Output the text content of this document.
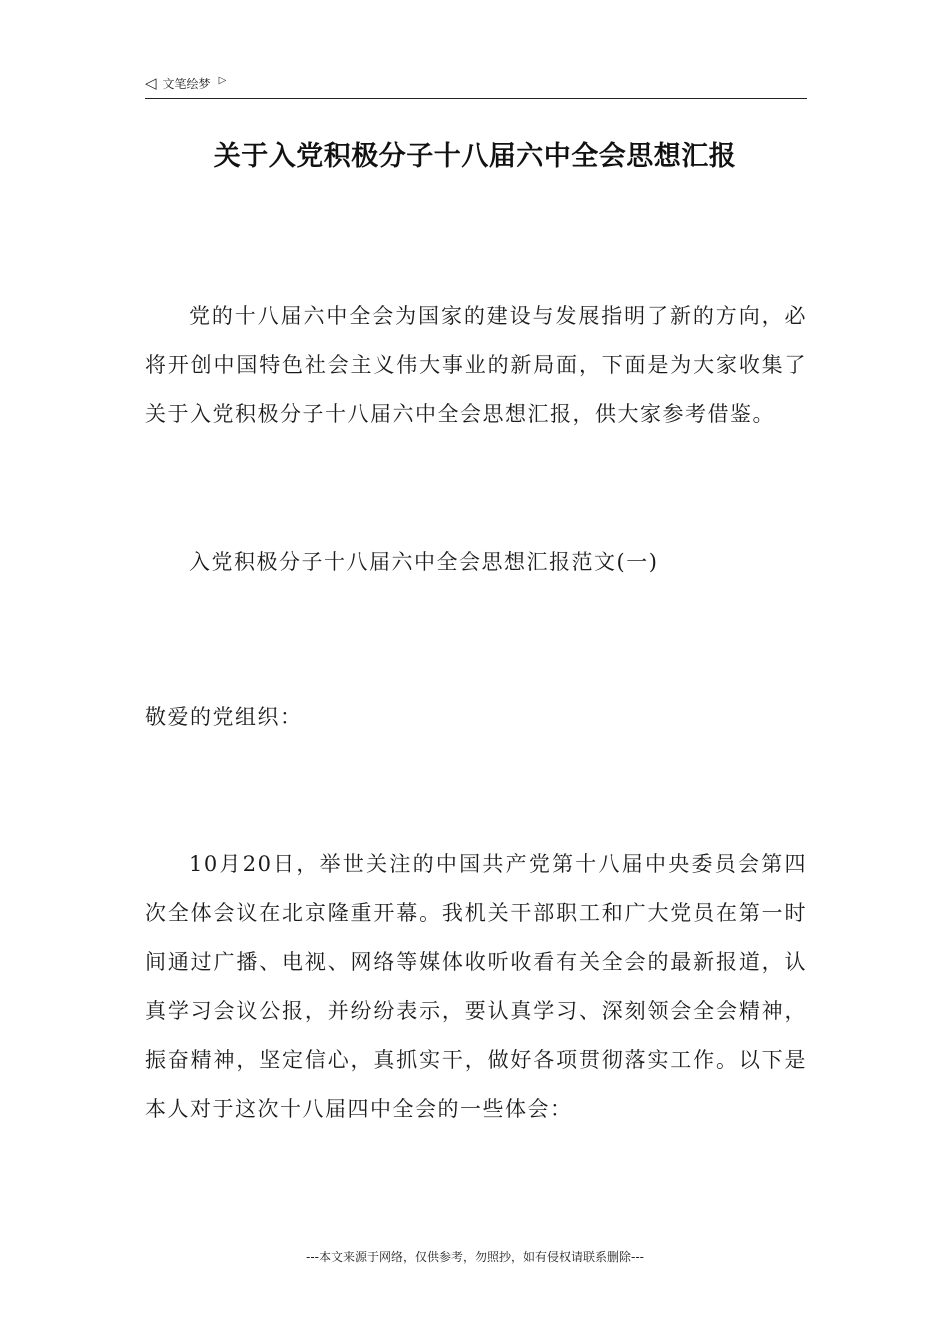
◁ 文笔绘梦 ▷
关于入党积极分子十八届六中全会思想汇报
党的十八届六中全会为国家的建设与发展指明了新的方向，必将开创中国特色社会主义伟大事业的新局面，下面是为大家收集了关于入党积极分子十八届六中全会思想汇报，供大家参考借鉴。
入党积极分子十八届六中全会思想汇报范文(一)
敬爱的党组织：
10月20日，举世关注的中国共产党第十八届中央委员会第四次全体会议在北京隆重开幕。我机关干部职工和广大党员在第一时间通过广播、电视、网络等媒体收听收看有关全会的最新报道，认真学习会议公报，并纷纷表示，要认真学习、深刻领会全会精神，振奋精神，坚定信心，真抓实干，做好各项贯彻落实工作。以下是本人对于这次十八届四中全会的一些体会：
---本文来源于网络，仅供参考，勿照抄，如有侵权请联系删除---
